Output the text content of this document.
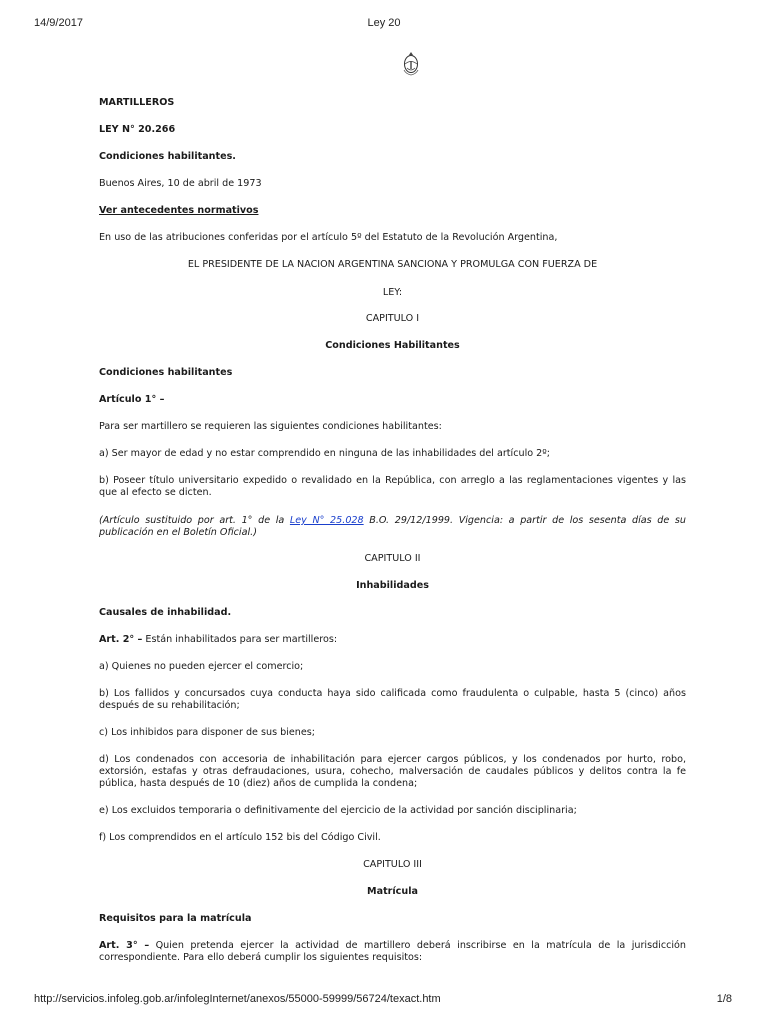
14/9/2017	Ley 20

MARTILLEROS

LEY N° 20.266

Condiciones habilitantes.

Buenos Aires, 10 de abril de 1973

Ver antecedentes normativos

En uso de las atribuciones conferidas por el artículo 5º del Estatuto de la Revolución Argentina,

EL PRESIDENTE DE LA NACION ARGENTINA SANCIONA Y PROMULGA CON FUERZA DE

LEY:

CAPITULO I

Condiciones Habilitantes

Condiciones habilitantes

Artículo 1° –

Para ser martillero se requieren las siguientes condiciones habilitantes:

a) Ser mayor de edad y no estar comprendido en ninguna de las inhabilidades del artículo 2º;

b) Poseer título universitario expedido o revalidado en la República, con arreglo a las reglamentaciones vigentes y las que al efecto se dicten.

(Artículo sustituido por art. 1° de la Ley N° 25.028 B.O. 29/12/1999. Vigencia: a partir de los sesenta días de su publicación en el Boletín Oficial.)

CAPITULO II

Inhabilidades

Causales de inhabilidad.

Art. 2° – Están inhabilitados para ser martilleros:

a) Quienes no pueden ejercer el comercio;

b) Los fallidos y concursados cuya conducta haya sido calificada como fraudulenta o culpable, hasta 5 (cinco) años después de su rehabilitación;

c) Los inhibidos para disponer de sus bienes;

d) Los condenados con accesoria de inhabilitación para ejercer cargos públicos, y los condenados por hurto, robo, extorsión, estafas y otras defraudaciones, usura, cohecho, malversación de caudales públicos y delitos contra la fe pública, hasta después de 10 (diez) años de cumplida la condena;

e) Los excluidos temporaria o definitivamente del ejercicio de la actividad por sanción disciplinaria;

f) Los comprendidos en el artículo 152 bis del Código Civil.

CAPITULO III

Matrícula

Requisitos para la matrícula

Art. 3° – Quien pretenda ejercer la actividad de martillero deberá inscribirse en la matrícula de la jurisdicción correspondiente. Para ello deberá cumplir los siguientes requisitos:

http://servicios.infoleg.gob.ar/infolegInternet/anexos/55000-59999/56724/texact.htm	1/8
